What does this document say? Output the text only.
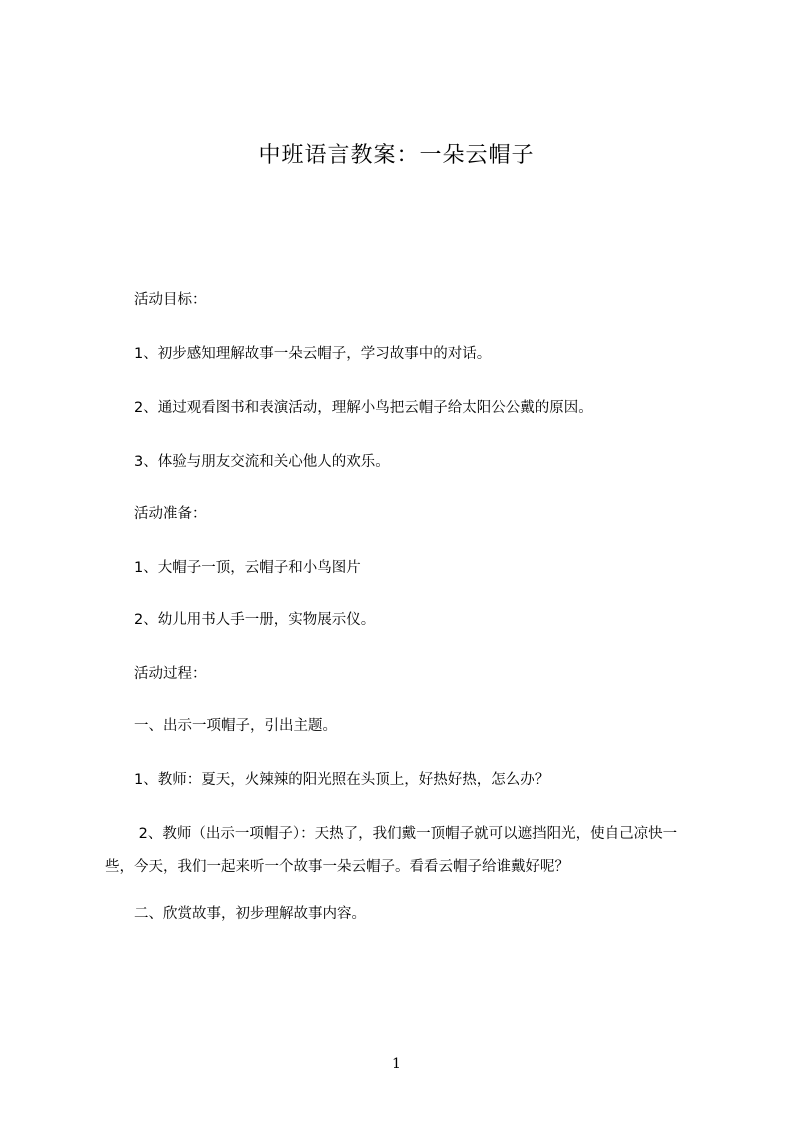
中班语言教案：一朵云帽子

　　活动目标：

　　1、初步感知理解故事一朵云帽子，学习故事中的对话。

　　2、通过观看图书和表演活动，理解小鸟把云帽子给太阳公公戴的原因。

　　3、体验与朋友交流和关心他人的欢乐。

　　活动准备：

　　1、大帽子一顶，云帽子和小鸟图片

　　2、幼儿用书人手一册，实物展示仪。

　　活动过程：

　　一、出示一项帽子，引出主题。

　　1、教师：夏天，火辣辣的阳光照在头顶上，好热好热，怎么办？

　　 2、教师（出示一项帽子）：天热了，我们戴一顶帽子就可以遮挡阳光，使自己凉快一些，今天，我们一起来听一个故事一朵云帽子。看看云帽子给谁戴好呢？

　　二、欣赏故事，初步理解故事内容。

1
